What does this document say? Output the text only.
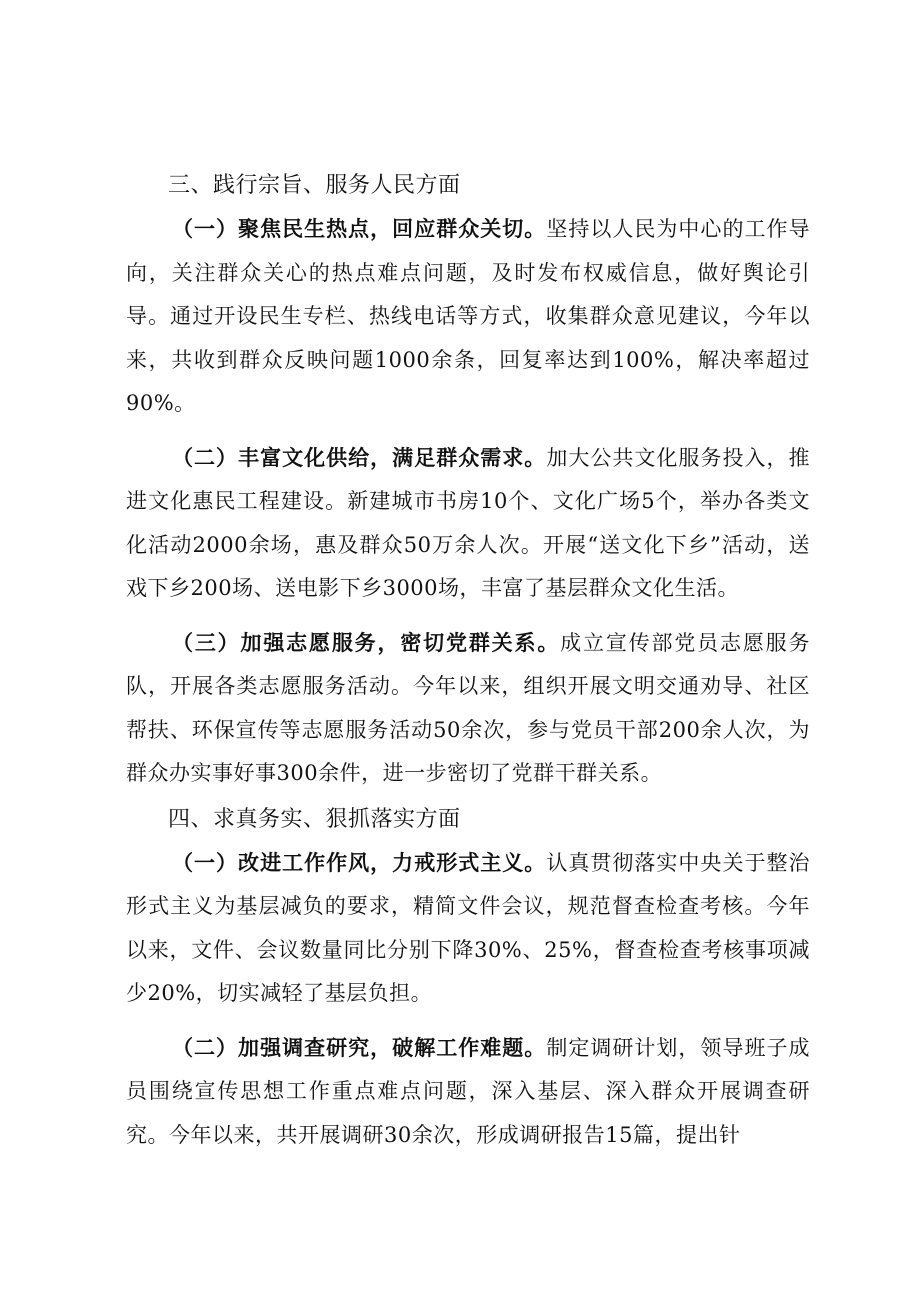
三、践行宗旨、服务人民方面

（一）聚焦民生热点，回应群众关切。坚持以人民为中心的工作导向，关注群众关心的热点难点问题，及时发布权威信息，做好舆论引导。通过开设民生专栏、热线电话等方式，收集群众意见建议，今年以来，共收到群众反映问题1000余条，回复率达到100%，解决率超过90%。

（二）丰富文化供给，满足群众需求。加大公共文化服务投入，推进文化惠民工程建设。新建城市书房10个、文化广场5个，举办各类文化活动2000余场，惠及群众50万余人次。开展“送文化下乡”活动，送戏下乡200场、送电影下乡3000场，丰富了基层群众文化生活。

（三）加强志愿服务，密切党群关系。成立宣传部党员志愿服务队，开展各类志愿服务活动。今年以来，组织开展文明交通劝导、社区帮扶、环保宣传等志愿服务活动50余次，参与党员干部200余人次，为群众办实事好事300余件，进一步密切了党群干群关系。

四、求真务实、狠抓落实方面

（一）改进工作作风，力戒形式主义。认真贯彻落实中央关于整治形式主义为基层减负的要求，精简文件会议，规范督查检查考核。今年以来，文件、会议数量同比分别下降30%、25%，督查检查考核事项减少20%，切实减轻了基层负担。

（二）加强调查研究，破解工作难题。制定调研计划，领导班子成员围绕宣传思想工作重点难点问题，深入基层、深入群众开展调查研究。今年以来，共开展调研30余次，形成调研报告15篇，提出针
